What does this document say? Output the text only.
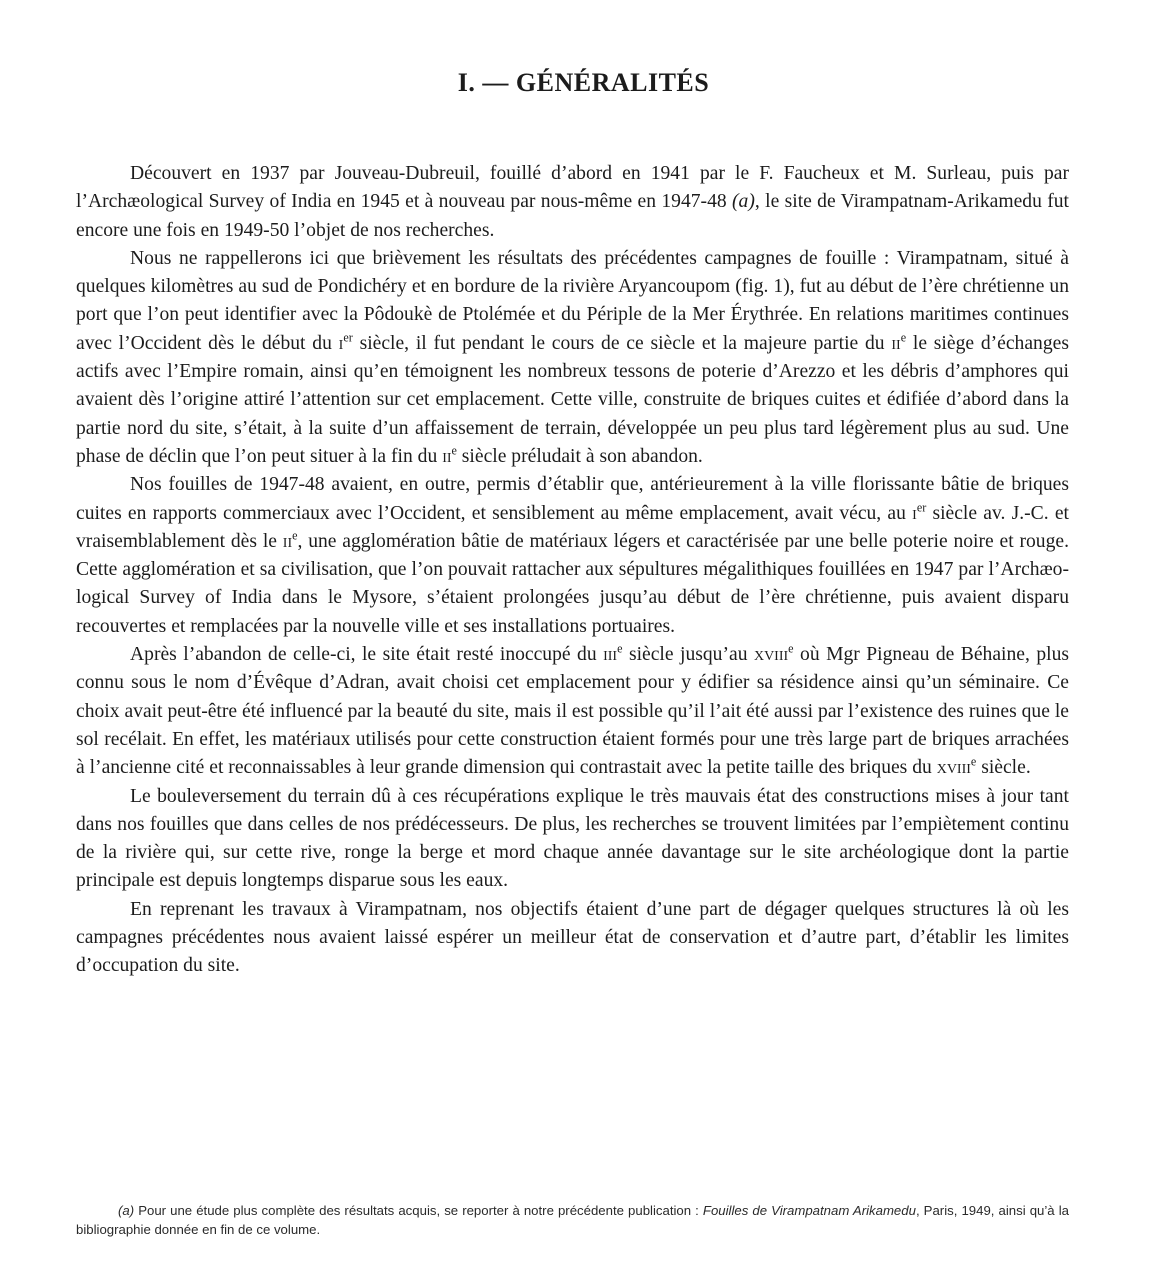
I. — GÉNÉRALITÉS

Découvert en 1937 par Jouveau-Dubreuil, fouillé d’abord en 1941 par le F. Faucheux et M. Surleau, puis par l’Archæological Survey of India en 1945 et à nouveau par nous-même en 1947-48 (a), le site de Virampatnam-Arikamedu fut encore une fois en 1949-50 l’objet de nos recherches.

Nous ne rappellerons ici que brièvement les résultats des précédentes campagnes de fouille : Virampatnam, situé à quelques kilomètres au sud de Pondichéry et en bordure de la rivière Aryancoupom (fig. 1), fut au début de l’ère chrétienne un port que l’on peut identifier avec la Pôdoukè de Ptolémée et du Périple de la Mer Érythrée. En relations maritimes continues avec l’Occident dès le début du $i^{er}$ siècle, il fut pendant le cours de ce siècle et la majeure partie du $ii^e$ le siège d’échanges actifs avec l’Empire romain, ainsi qu’en témoignent les nombreux tessons de poterie d’Arezzo et les débris d’amphores qui avaient dès l’origine attiré l’attention sur cet emplacement. Cette ville, construite de briques cuites et édifiée d’abord dans la partie nord du site, s’était, à la suite d’un affaissement de terrain, développée un peu plus tard légèrement plus au sud. Une phase de déclin que l’on peut situer à la fin du $ii^e$ siècle préludait à son abandon.

Nos fouilles de 1947-48 avaient, en outre, permis d’établir que, antérieurement à la ville florissante bâtie de briques cuites en rapports commerciaux avec l’Occident, et sensiblement au même emplacement, avait vécu, au $i^{er}$ siècle av. J.-C. et vraisemblablement dès le $ii^e$, une agglomération bâtie de matériaux légers et caractérisée par une belle poterie noire et rouge. Cette agglomération et sa civilisation, que l’on pouvait rattacher aux sépultures mégalithiques fouillées en 1947 par l’Archæo-logical Survey of India dans le Mysore, s’étaient prolongées jusqu’au début de l’ère chrétienne, puis avaient disparu recouvertes et remplacées par la nouvelle ville et ses installations portuaires.

Après l’abandon de celle-ci, le site était resté inoccupé du iii$^e$ siècle jusqu’au xviii$^e$ où Mgr Pigneau de Béhaine, plus connu sous le nom d’Évêque d’Adran, avait choisi cet emplacement pour y édifier sa résidence ainsi qu’un séminaire. Ce choix avait peut-être été influencé par la beauté du site, mais il est possible qu’il l’ait été aussi par l’existence des ruines que le sol recélait. En effet, les matériaux utilisés pour cette construction étaient formés pour une très large part de briques arrachées à l’ancienne cité et reconnaissables à leur grande dimension qui contrastait avec la petite taille des briques du xviii$^e$ siècle.

Le bouleversement du terrain dû à ces récupérations explique le très mauvais état des constructions mises à jour tant dans nos fouilles que dans celles de nos prédécesseurs. De plus, les recherches se trouvent limitées par l’empiètement continu de la rivière qui, sur cette rive, ronge la berge et mord chaque année davantage sur le site archéologique dont la partie principale est depuis longtemps disparue sous les eaux.

En reprenant les travaux à Virampatnam, nos objectifs étaient d’une part de dégager quelques structures là où les campagnes précédentes nous avaient laissé espérer un meilleur état de conservation et d’autre part, d’établir les limites d’occupation du site.

(a) Pour une étude plus complète des résultats acquis, se reporter à notre précédente publication : Fouilles de Virampatnam Arikamedu, Paris, 1949, ainsi qu’à la bibliographie donnée en fin de ce volume.
